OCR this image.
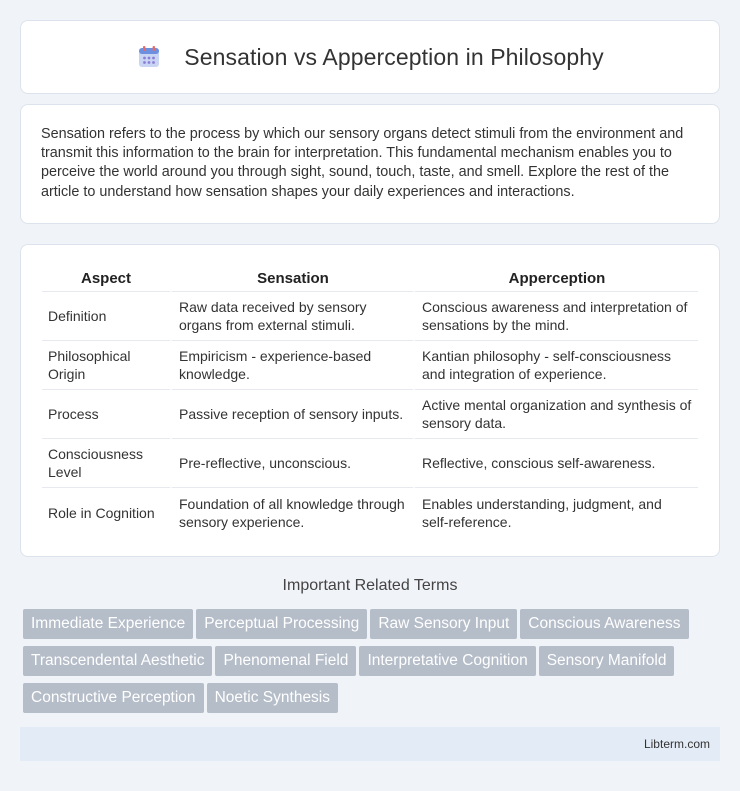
Sensation vs Apperception in Philosophy

Sensation refers to the process by which our sensory organs detect stimuli from the environment and transmit this information to the brain for interpretation. This fundamental mechanism enables you to perceive the world around you through sight, sound, touch, taste, and smell. Explore the rest of the article to understand how sensation shapes your daily experiences and interactions.

Aspect	Sensation	Apperception
Definition	Raw data received by sensory organs from external stimuli.	Conscious awareness and interpretation of sensations by the mind.
Philosophical Origin	Empiricism - experience-based knowledge.	Kantian philosophy - self-consciousness and integration of experience.
Process	Passive reception of sensory inputs.	Active mental organization and synthesis of sensory data.
Consciousness Level	Pre-reflective, unconscious.	Reflective, conscious self-awareness.
Role in Cognition	Foundation of all knowledge through sensory experience.	Enables understanding, judgment, and self-reference.
Important Related Terms
Immediate Experience Perceptual Processing Raw Sensory Input Conscious AwarenessTranscendental Aesthetic Phenomenal Field Interpretative Cognition Sensory ManifoldConstructive Perception Noetic Synthesis
Libterm.com
